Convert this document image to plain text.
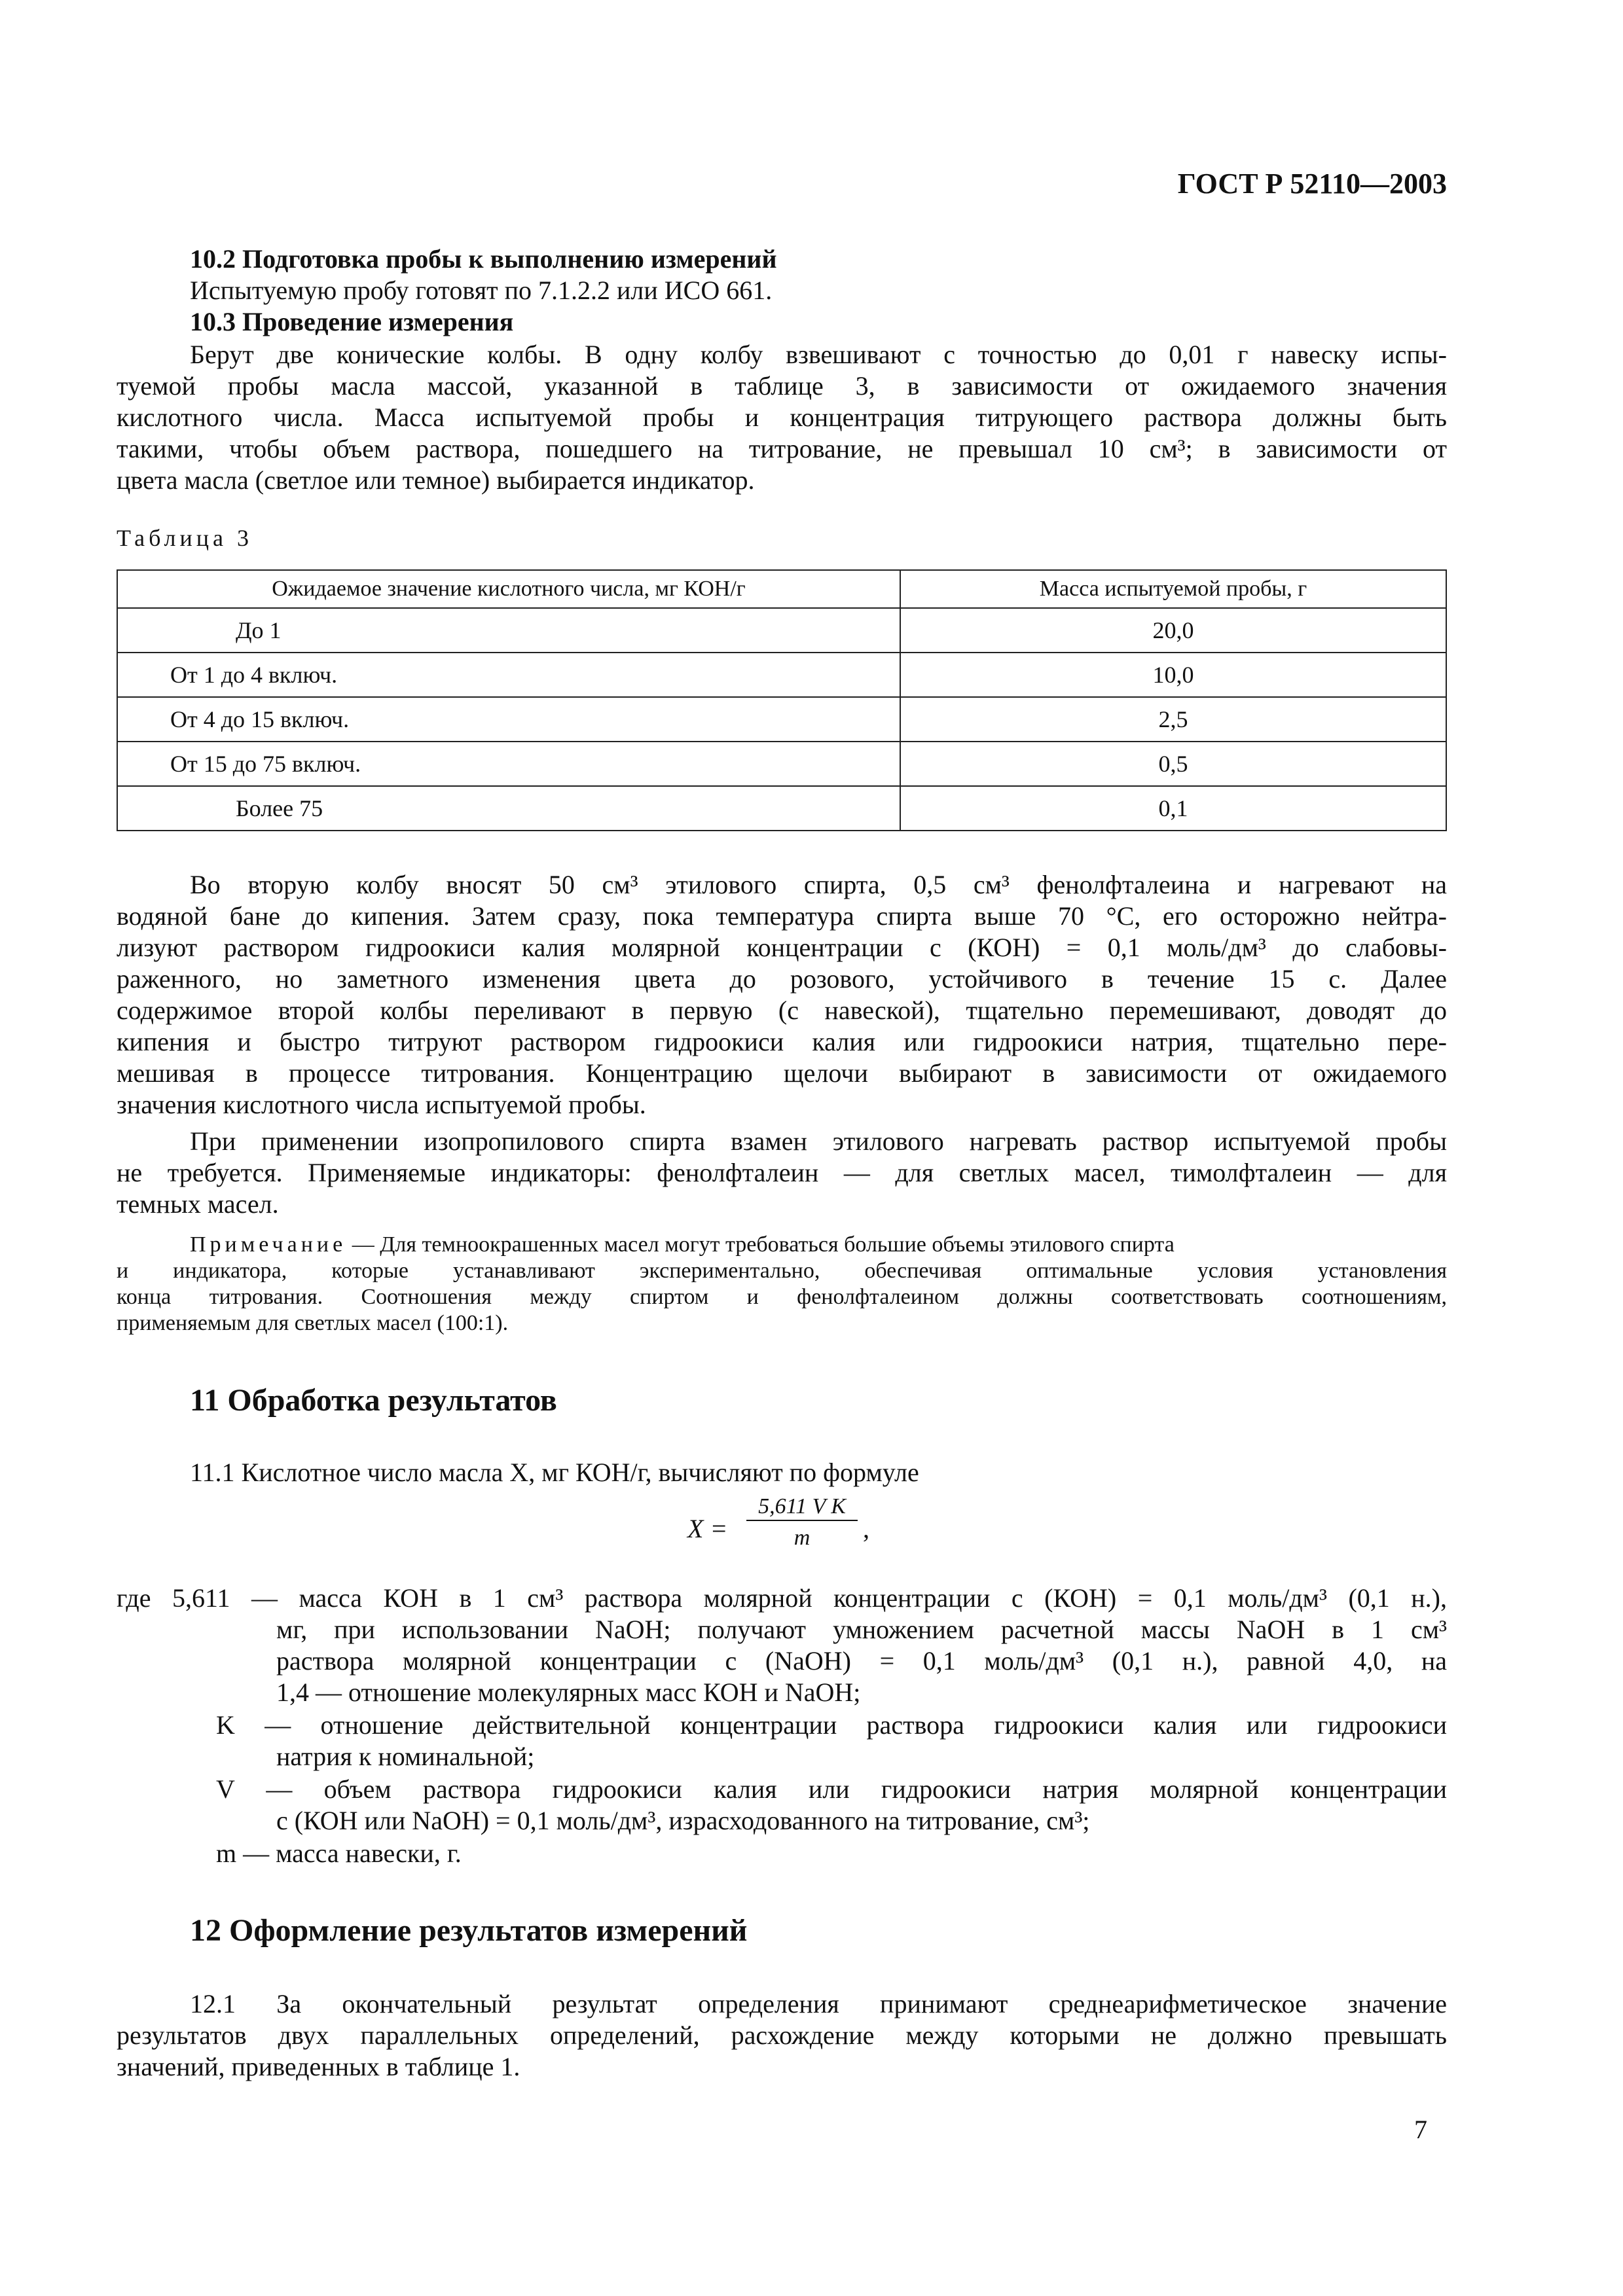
ГОСТ Р 52110—2003
10.2 Подготовка пробы к выполнению измерений
Испытуемую пробу готовят по 7.1.2.2 или ИСО 661.
10.3 Проведение измерения
Берут две конические колбы. В одну колбу взвешивают с точностью до 0,01 г навеску испы-
туемой пробы масла массой, указанной в таблице 3, в зависимости от ожидаемого значения
кислотного числа. Масса испытуемой пробы и концентрация титрующего раствора должны быть
такими, чтобы объем раствора, пошедшего на титрование, не превышал 10 см³; в зависимости от
цвета масла (светлое или темное) выбирается индикатор.
Таблица 3
Ожидаемое значение кислотного числа, мг КОН/г	Масса испытуемой пробы, г
До 1	20,0
От 1 до 4 включ.	10,0
От 4 до 15 включ.	2,5
От 15 до 75 включ.	0,5
Более 75	0,1
Во вторую колбу вносят 50 см³ этилового спирта, 0,5 см³ фенолфталеина и нагревают на
водяной бане до кипения. Затем сразу, пока температура спирта выше 70 °С, его осторожно нейтра-
лизуют раствором гидроокиси калия молярной концентрации с (КОН) = 0,1 моль/дм³ до слабовы-
раженного, но заметного изменения цвета до розового, устойчивого в течение 15 с. Далее
содержимое второй колбы переливают в первую (с навеской), тщательно перемешивают, доводят до
кипения и быстро титруют раствором гидроокиси калия или гидроокиси натрия, тщательно пере-
мешивая в процессе титрования. Концентрацию щелочи выбирают в зависимости от ожидаемого
значения кислотного числа испытуемой пробы.
При применении изопропилового спирта взамен этилового нагревать раствор испытуемой пробы
не требуется. Применяемые индикаторы: фенолфталеин — для светлых масел, тимолфталеин — для
темных масел.
Примечание — Для темноокрашенных масел могут требоваться большие объемы этилового спирта
и индикатора, которые устанавливают экспериментально, обеспечивая оптимальные условия установления
конца титрования. Соотношения между спиртом и фенолфталеином должны соответствовать соотношениям,
применяемым для светлых масел (100:1).
11 Обработка результатов
11.1 Кислотное число масла X, мг КОН/г, вычисляют по формуле
X =
5,611 V K
m	,
где 5,611 — масса КОН в 1 см³ раствора молярной концентрации с (КОН) = 0,1 моль/дм³ (0,1 н.),
мг, при использовании NaOH; получают умножением расчетной массы NaOH в 1 см³
раствора молярной концентрации с (NaOH) = 0,1 моль/дм³ (0,1 н.), равной 4,0, на
1,4 — отношение молекулярных масс КОН и NaOH;
K — отношение действительной концентрации раствора гидроокиси калия или гидроокиси
натрия к номинальной;
V — объем раствора гидроокиси калия или гидроокиси натрия молярной концентрации
с (КОН или NaOH) = 0,1 моль/дм³, израсходованного на титрование, см³;
m — масса навески, г.
12 Оформление результатов измерений
12.1 За окончательный результат определения принимают среднеарифметическое значение
результатов двух параллельных определений, расхождение между которыми не должно превышать
значений, приведенных в таблице 1.
7
